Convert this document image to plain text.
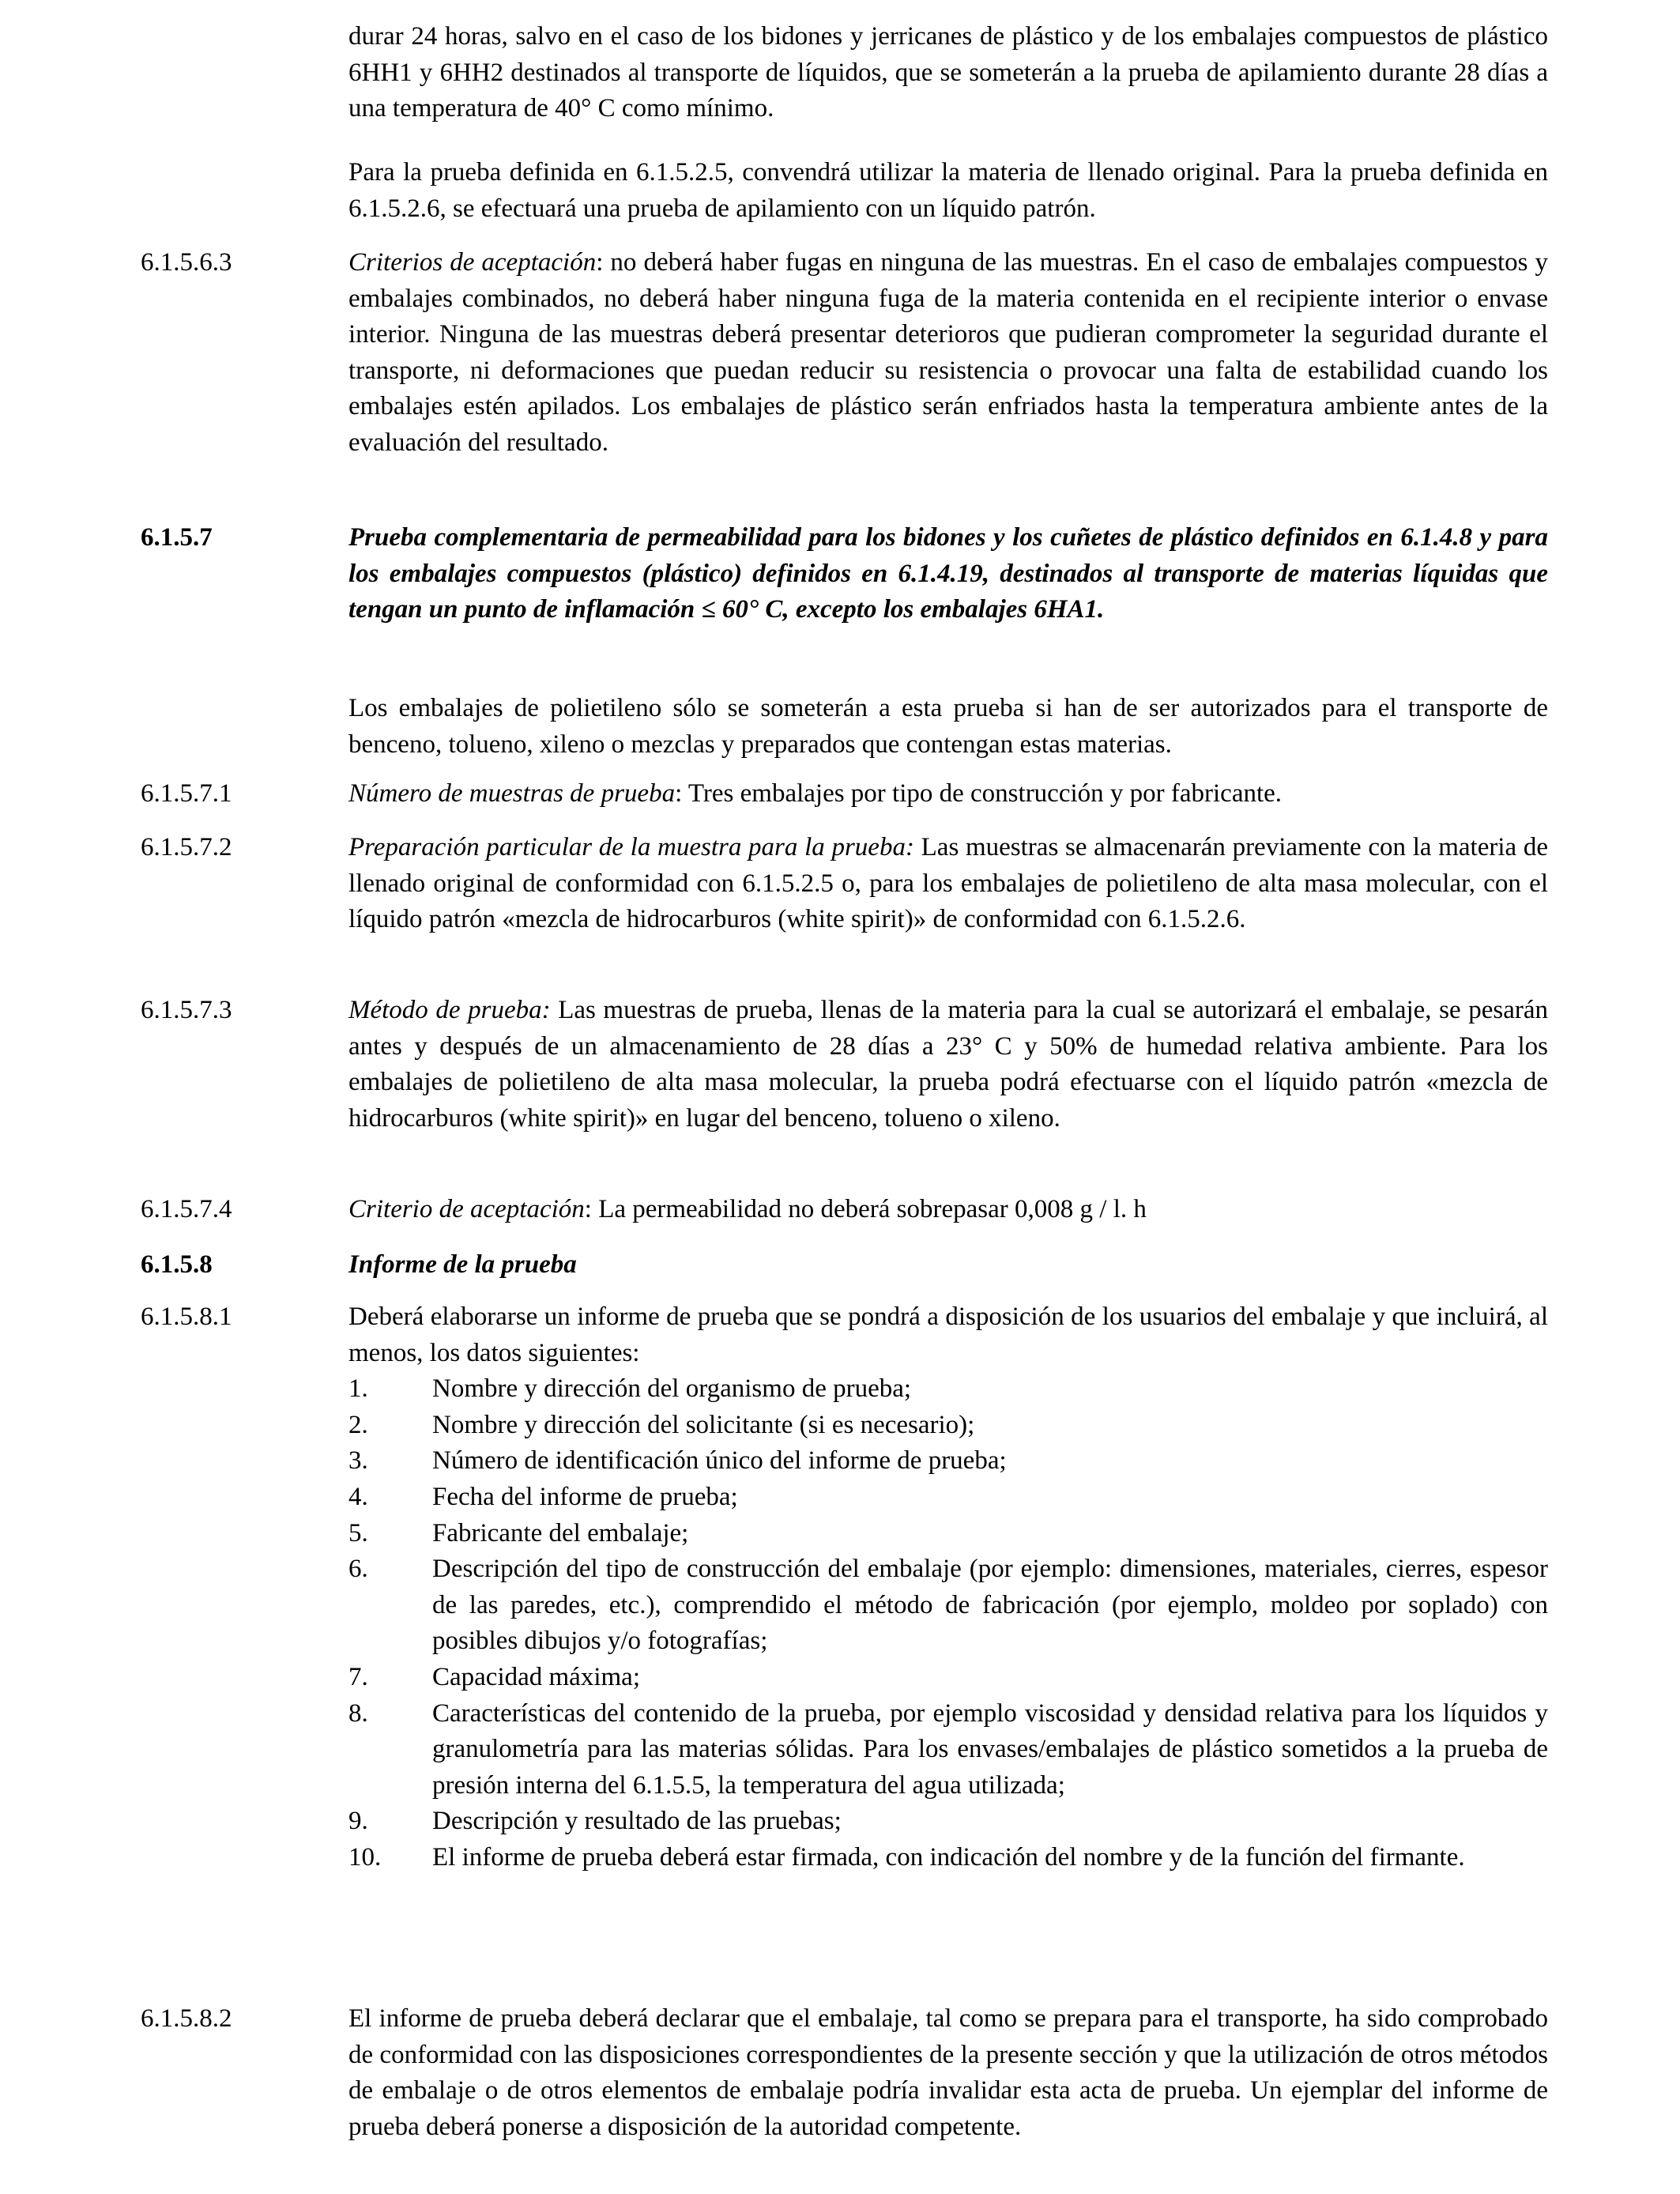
durar 24 horas, salvo en el caso de los bidones y jerricanes de plástico y de los embalajes compuestos de plástico 6HH1 y 6HH2 destinados al transporte de líquidos, que se someterán a la prueba de apilamiento durante 28 días a una temperatura de 40° C como mínimo.

Para la prueba definida en 6.1.5.2.5, convendrá utilizar la materia de llenado original. Para la prueba definida en 6.1.5.2.6, se efectuará una prueba de apilamiento con un líquido patrón.

6.1.5.6.3	Criterios de aceptación: no deberá haber fugas en ninguna de las muestras. En el caso de embalajes compuestos y embalajes combinados, no deberá haber ninguna fuga de la materia contenida en el recipiente interior o envase interior. Ninguna de las muestras deberá presentar deterioros que pudieran comprometer la seguridad durante el transporte, ni deformaciones que puedan reducir su resistencia o provocar una falta de estabilidad cuando los embalajes estén apilados. Los embalajes de plástico serán enfriados hasta la temperatura ambiente antes de la evaluación del resultado.

6.1.5.7	Prueba complementaria de permeabilidad para los bidones y los cuñetes de plástico definidos en 6.1.4.8 y para los embalajes compuestos (plástico) definidos en 6.1.4.19, destinados al transporte de materias líquidas que tengan un punto de inflamación ≤ 60° C, excepto los embalajes 6HA1.

Los embalajes de polietileno sólo se someterán a esta prueba si han de ser autorizados para el transporte de benceno, tolueno, xileno o mezclas y preparados que contengan estas materias.

6.1.5.7.1	Número de muestras de prueba: Tres embalajes por tipo de construcción y por fabricante.

6.1.5.7.2	Preparación particular de la muestra para la prueba: Las muestras se almacenarán previamente con la materia de llenado original de conformidad con 6.1.5.2.5 o, para los embalajes de polietileno de alta masa molecular, con el líquido patrón «mezcla de hidrocarburos (white spirit)» de conformidad con 6.1.5.2.6.

6.1.5.7.3	Método de prueba: Las muestras de prueba, llenas de la materia para la cual se autorizará el embalaje, se pesarán antes y después de un almacenamiento de 28 días a 23° C y 50% de humedad relativa ambiente. Para los embalajes de polietileno de alta masa molecular, la prueba podrá efectuarse con el líquido patrón «mezcla de hidrocarburos (white spirit)» en lugar del benceno, tolueno o xileno.

6.1.5.7.4	Criterio de aceptación: La permeabilidad no deberá sobrepasar 0,008 g / l. h

6.1.5.8	Informe de la prueba

6.1.5.8.1	Deberá elaborarse un informe de prueba que se pondrá a disposición de los usuarios del embalaje y que incluirá, al menos, los datos siguientes:

1.	Nombre y dirección del organismo de prueba;
2.	Nombre y dirección del solicitante (si es necesario);
3.	Número de identificación único del informe de prueba;
4.	Fecha del informe de prueba;
5.	Fabricante del embalaje;
6.	Descripción del tipo de construcción del embalaje (por ejemplo: dimensiones, materiales, cierres, espesor de las paredes, etc.), comprendido el método de fabricación (por ejemplo, moldeo por soplado) con posibles dibujos y/o fotografías;
7.	Capacidad máxima;
8.	Características del contenido de la prueba, por ejemplo viscosidad y densidad relativa para los líquidos y granulometría para las materias sólidas. Para los envases/embalajes de plástico sometidos a la prueba de presión interna del 6.1.5.5, la temperatura del agua utilizada;
9.	Descripción y resultado de las pruebas;
10.	El informe de prueba deberá estar firmada, con indicación del nombre y de la función del firmante.
6.1.5.8.2	El informe de prueba deberá declarar que el embalaje, tal como se prepara para el transporte, ha sido comprobado de conformidad con las disposiciones correspondientes de la presente sección y que la utilización de otros métodos de embalaje o de otros elementos de embalaje podría invalidar esta acta de prueba. Un ejemplar del informe de prueba deberá ponerse a disposición de la autoridad competente.
